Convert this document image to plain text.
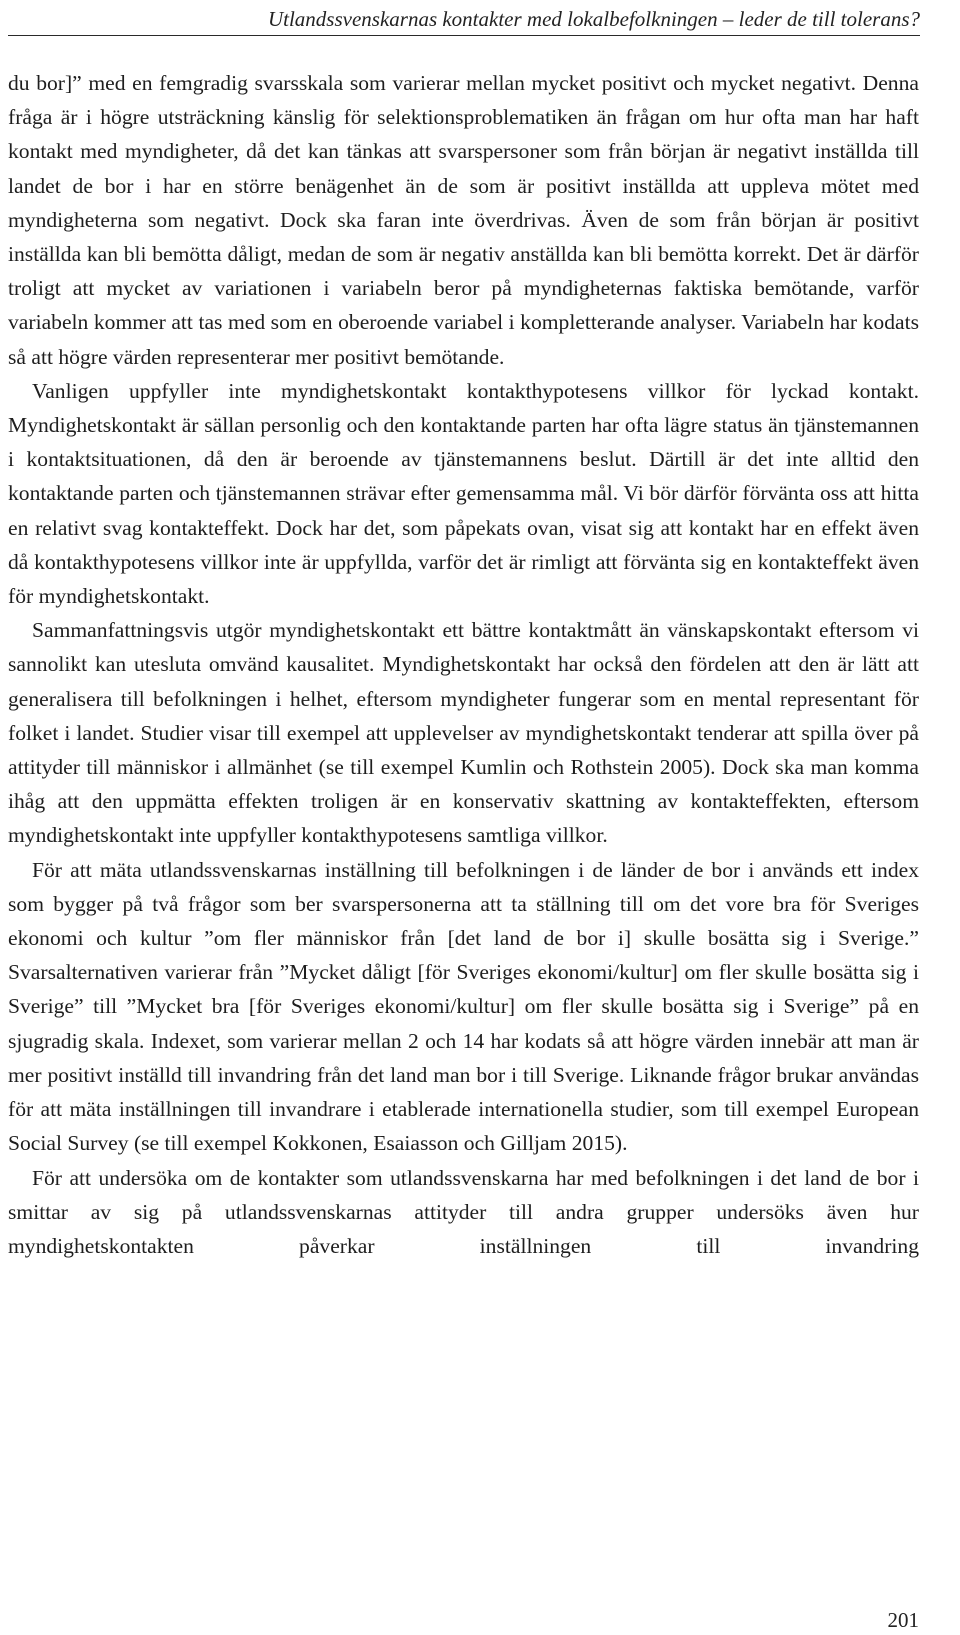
Utlandssvenskarnas kontakter med lokalbefolkningen – leder de till tolerans?

du bor]” med en femgradig svarsskala som varierar mellan mycket positivt och mycket negativt. Denna fråga är i högre utsträckning känslig för selektionsproblematiken än frågan om hur ofta man har haft kontakt med myndigheter, då det kan tänkas att svarspersoner som från början är negativt inställda till landet de bor i har en större benägenhet än de som är positivt inställda att uppleva mötet med myndigheterna som negativt. Dock ska faran inte överdrivas. Även de som från början är positivt inställda kan bli bemötta dåligt, medan de som är negativ anställda kan bli bemötta korrekt. Det är därför troligt att mycket av variationen i variabeln beror på myndigheternas faktiska bemötande, varför variabeln kommer att tas med som en oberoende variabel i kompletterande analyser. Variabeln har kodats så att högre värden representerar mer positivt bemötande.

Vanligen uppfyller inte myndighetskontakt kontakthypotesens villkor för lyckad kontakt. Myndighetskontakt är sällan personlig och den kontaktande parten har ofta lägre status än tjänstemannen i kontaktsituationen, då den är beroende av tjänstemannens beslut. Därtill är det inte alltid den kontaktande parten och tjänstemannen strävar efter gemensamma mål. Vi bör därför förvänta oss att hitta en relativt svag kontakteffekt. Dock har det, som påpekats ovan, visat sig att kontakt har en effekt även då kontakthypotesens villkor inte är uppfyllda, varför det är rimligt att förvänta sig en kontakteffekt även för myndighetskontakt.

Sammanfattningsvis utgör myndighetskontakt ett bättre kontaktmått än vänskapskontakt eftersom vi sannolikt kan utesluta omvänd kausalitet. Myndighetskontakt har också den fördelen att den är lätt att generalisera till befolkningen i helhet, eftersom myndigheter fungerar som en mental representant för folket i landet. Studier visar till exempel att upplevelser av myndighetskontakt tenderar att spilla över på attityder till människor i allmänhet (se till exempel Kumlin och Rothstein 2005). Dock ska man komma ihåg att den uppmätta effekten troligen är en konservativ skattning av kontakteffekten, eftersom myndighetskontakt inte uppfyller kontakthypotesens samtliga villkor.

För att mäta utlandssvenskarnas inställning till befolkningen i de länder de bor i används ett index som bygger på två frågor som ber svarspersonerna att ta ställning till om det vore bra för Sveriges ekonomi och kultur ”om fler människor från [det land de bor i] skulle bosätta sig i Sverige.” Svarsalternativen varierar från ”Mycket dåligt [för Sveriges ekonomi/kultur] om fler skulle bosätta sig i Sverige” till ”Mycket bra [för Sveriges ekonomi/kultur] om fler skulle bosätta sig i Sverige” på en sjugradig skala. Indexet, som varierar mellan 2 och 14 har kodats så att högre värden innebär att man är mer positivt inställd till invandring från det land man bor i till Sverige. Liknande frågor brukar användas för att mäta inställningen till invandrare i etablerade internationella studier, som till exempel European Social Survey (se till exempel Kokkonen, Esaiasson och Gilljam 2015).

För att undersöka om de kontakter som utlandssvenskarna har med befolkningen i det land de bor i smittar av sig på utlandssvenskarnas attityder till andra grupper undersöks även hur myndighetskontakten påverkar inställningen till invandring

201
